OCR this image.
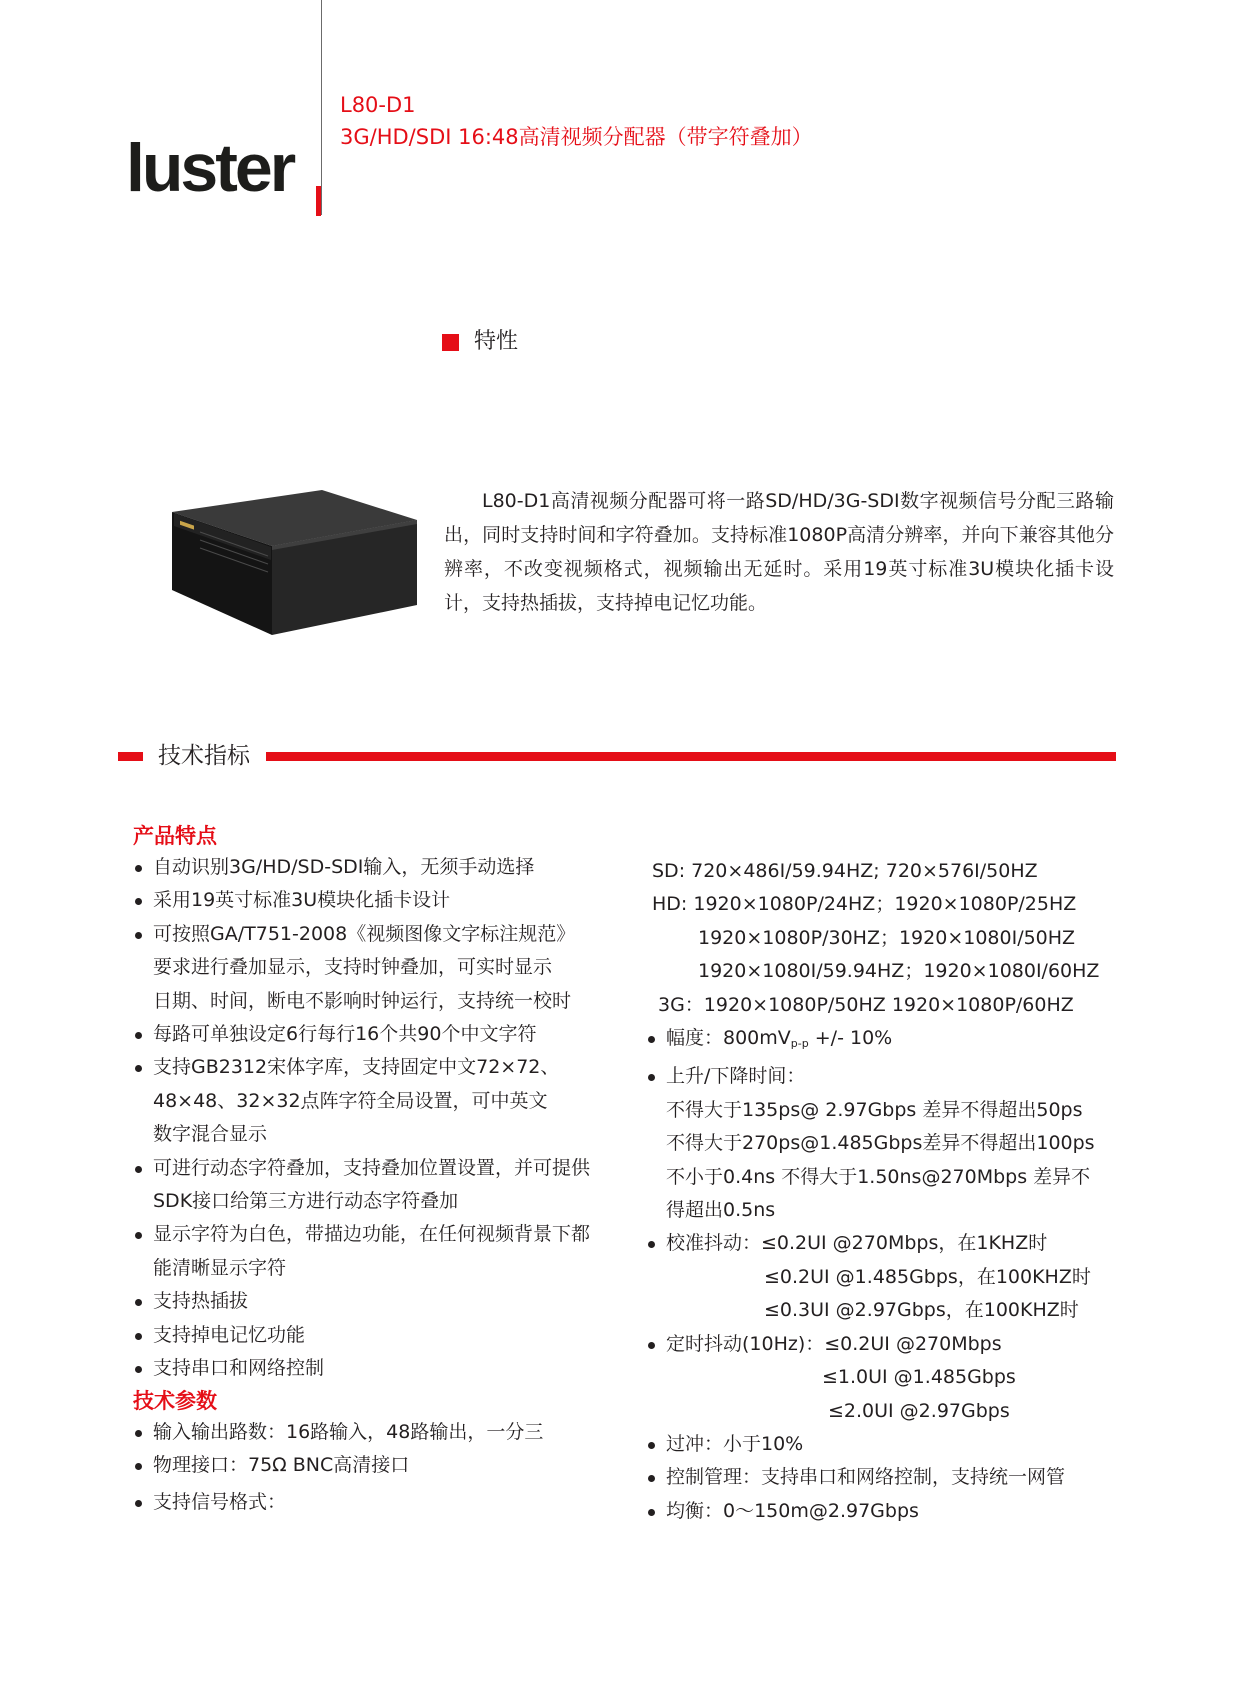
luster
L80-D1
3G/HD/SDI 16:48高清视频分配器（带字符叠加）
特性

L80-D1高清视频分配器可将一路SD/HD/3G-SDI数字视频信号分配三路输出，同时支持时间和字符叠加。支持标准1080P高清分辨率，并向下兼容其他分辨率，不改变视频格式，视频输出无延时。采用19英寸标准3U模块化插卡设计，支持热插拔，支持掉电记忆功能。

技术指标
产品特点
自动识别3G/HD/SD-SDI输入，无须手动选择
采用19英寸标准3U模块化插卡设计
可按照GA/T751-2008《视频图像文字标注规范》
要求进行叠加显示，支持时钟叠加，可实时显示
日期、时间，断电不影响时钟运行，支持统一校时
每路可单独设定6行每行16个共90个中文字符
支持GB2312宋体字库，支持固定中文72×72、
48×48、32×32点阵字符全局设置，可中英文
数字混合显示
可进行动态字符叠加，支持叠加位置设置，并可提供
SDK接口给第三方进行动态字符叠加
显示字符为白色，带描边功能，在任何视频背景下都
能清晰显示字符
支持热插拔
支持掉电记忆功能
支持串口和网络控制
技术参数
输入输出路数：16路输入，48路输出，一分三
物理接口：75Ω BNC高清接口
支持信号格式：
SD: 720×486I/59.94HZ; 720×576I/50HZ
HD: 1920×1080P/24HZ；1920×1080P/25HZ
1920×1080P/30HZ；1920×1080I/50HZ
1920×1080I/59.94HZ；1920×1080I/60HZ
3G：1920×1080P/50HZ 1920×1080P/60HZ
幅度：$800mV_{p-p}$ +/- 10%
上升/下降时间：
不得大于135ps@ 2.97Gbps 差异不得超出50ps
不得大于270ps@1.485Gbps差异不得超出100ps
不小于0.4ns 不得大于1.50ns@270Mbps 差异不
得超出0.5ns
校准抖动：≤0.2UI @270Mbps，在1KHZ时
≤0.2UI @1.485Gbps，在100KHZ时
≤0.3UI @2.97Gbps，在100KHZ时
定时抖动(10Hz)：≤0.2UI @270Mbps
≤1.0UI @1.485Gbps
≤2.0UI @2.97Gbps
过冲：小于10%
控制管理：支持串口和网络控制，支持统一网管
均衡：0～150m@2.97Gbps
